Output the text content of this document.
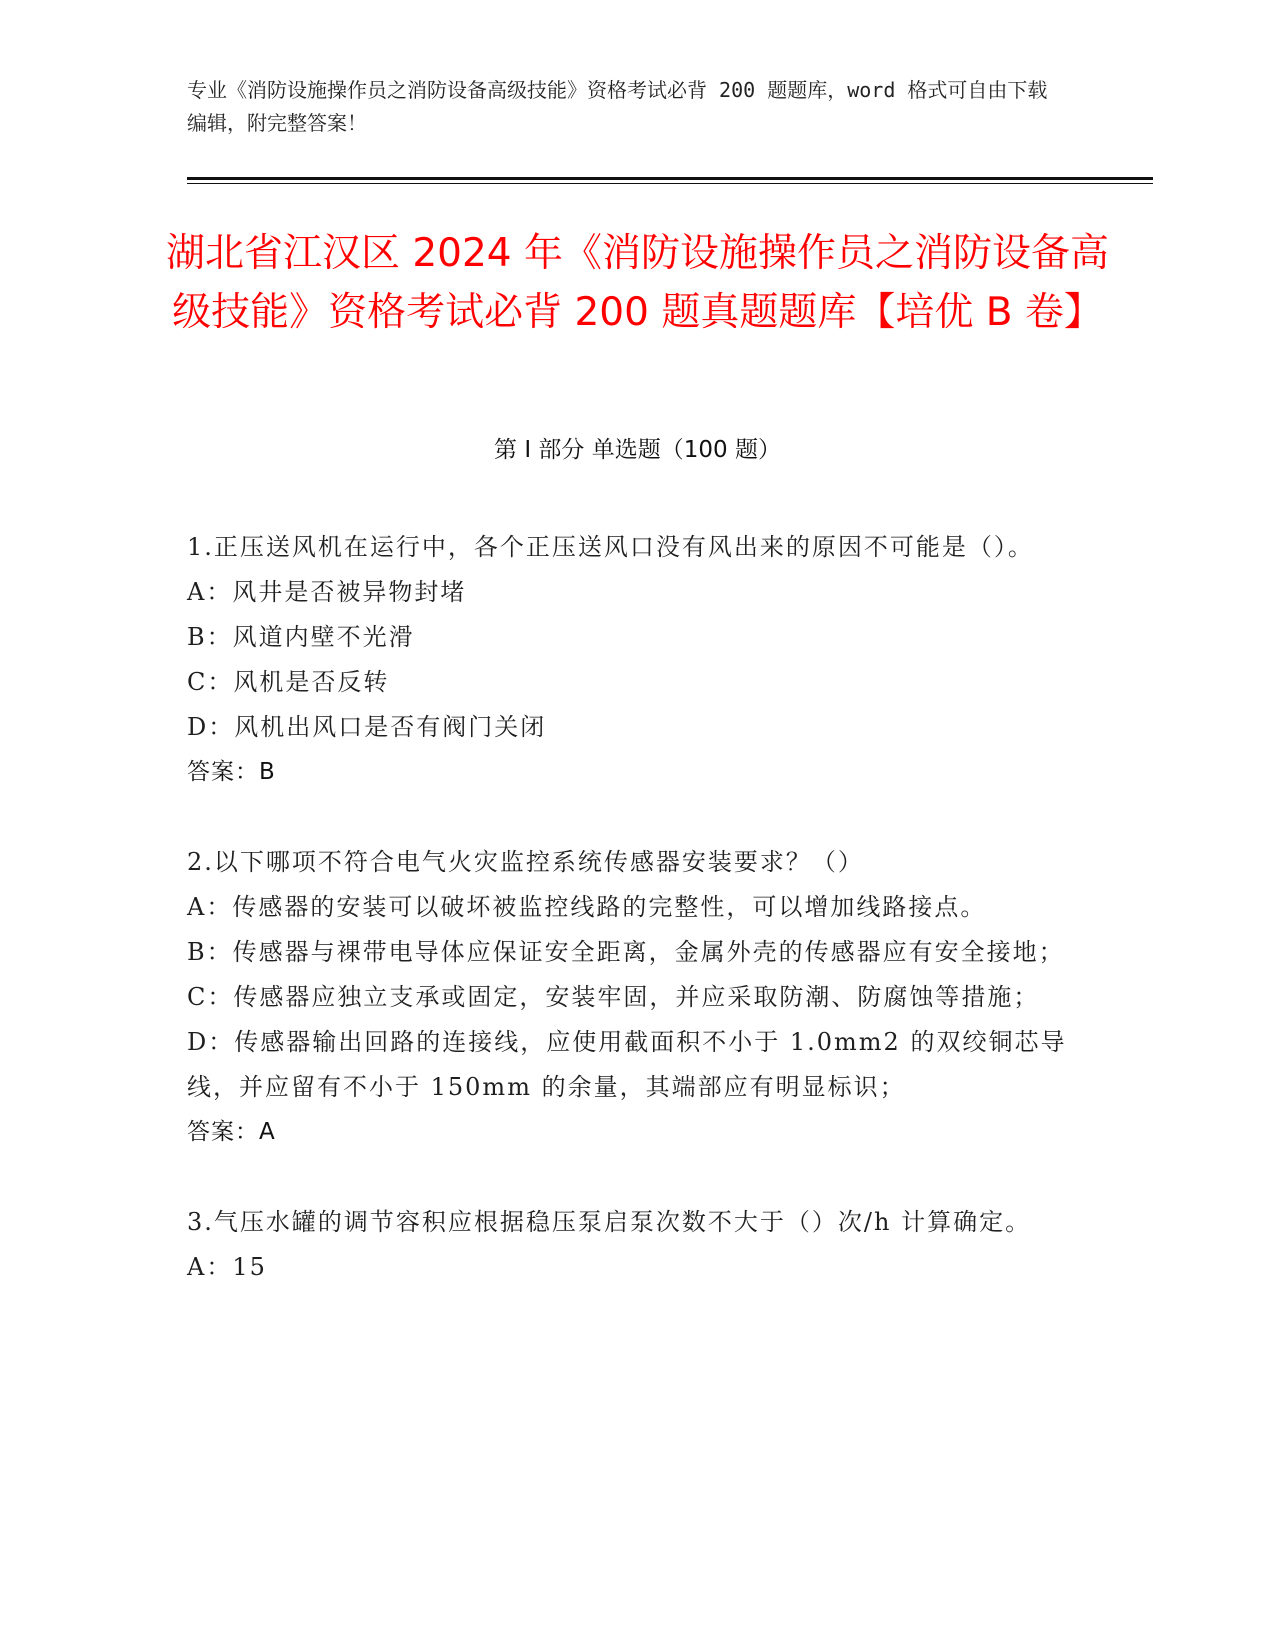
专业《消防设施操作员之消防设备高级技能》资格考试必背 200 题题库，word 格式可自由下载编辑，附完整答案！
湖北省江汉区 2024 年《消防设施操作员之消防设备高级技能》资格考试必背 200 题真题题库【培优 B 卷】
第 I 部分 单选题（100 题）

1.正压送风机在运行中，各个正压送风口没有风出来的原因不可能是（）。

A：风井是否被异物封堵

B：风道内壁不光滑

C：风机是否反转

D：风机出风口是否有阀门关闭

答案：B

2.以下哪项不符合电气火灾监控系统传感器安装要求？（）

A：传感器的安装可以破坏被监控线路的完整性，可以增加线路接点。

B：传感器与裸带电导体应保证安全距离，金属外壳的传感器应有安全接地；

C：传感器应独立支承或固定，安装牢固，并应采取防潮、防腐蚀等措施；

D：传感器输出回路的连接线，应使用截面积不小于 1.0mm2 的双绞铜芯导线，并应留有不小于 150mm 的余量，其端部应有明显标识；

答案：A

3.气压水罐的调节容积应根据稳压泵启泵次数不大于（）次/h 计算确定。

A：15
